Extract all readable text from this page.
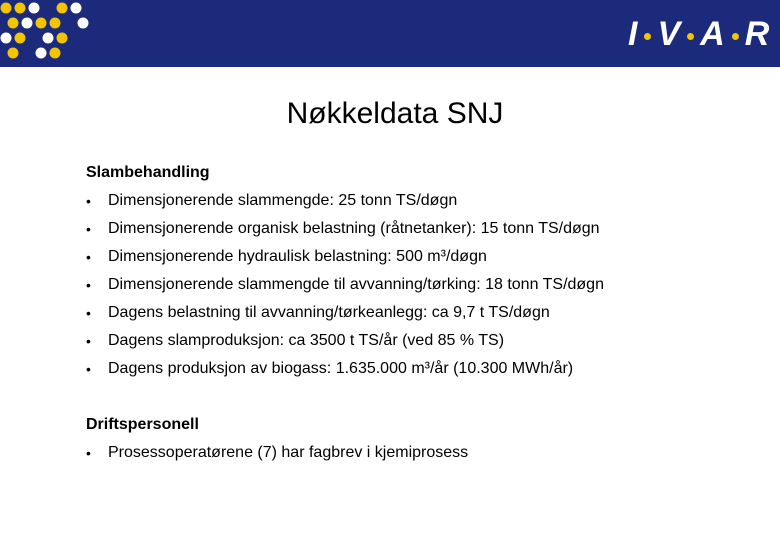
I V A R
Nøkkeldata SNJ
Slambehandling
• Dimensjonerende slammengde: 25 tonn TS/døgn
• Dimensjonerende organisk belastning (råtnetanker): 15 tonn TS/døgn
• Dimensjonerende hydraulisk belastning: 500 m³/døgn
• Dimensjonerende slammengde til avvanning/tørking: 18 tonn TS/døgn
• Dagens belastning til avvanning/tørkeanlegg: ca 9,7 t TS/døgn
• Dagens slamproduksjon: ca 3500 t TS/år (ved 85 % TS)
• Dagens produksjon av biogass: 1.635.000 m³/år (10.300 MWh/år)
Driftspersonell
• Prosessoperatørene (7) har fagbrev i kjemiprosess
